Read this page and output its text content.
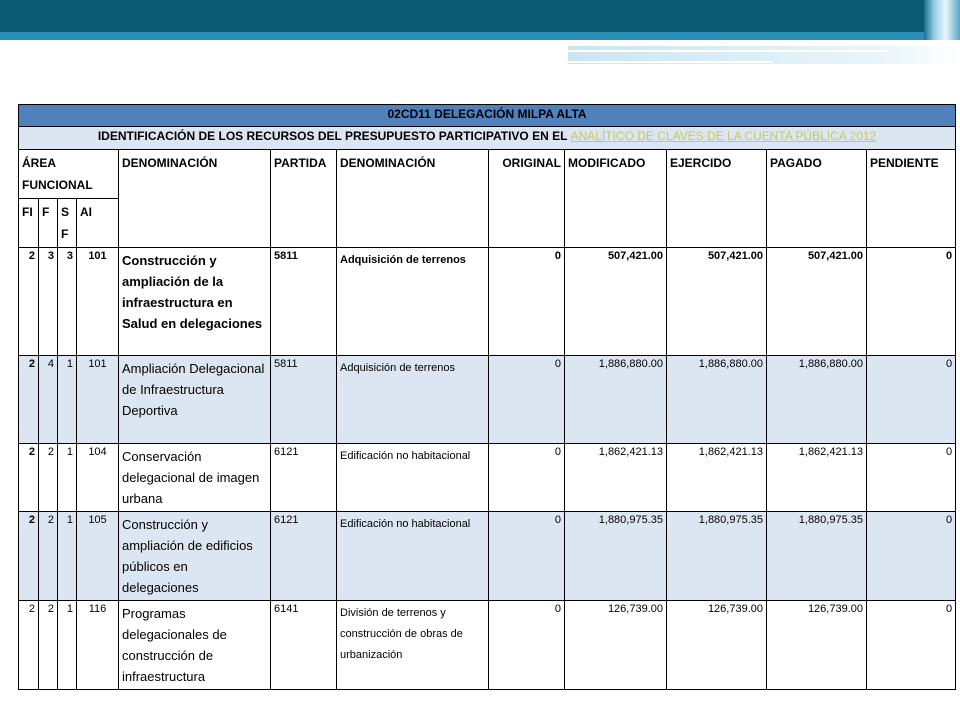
02CD11 DELEGACIÓN MILPA ALTA											
IDENTIFICACIÓN DE LOS RECURSOS DEL PRESUPUESTO PARTICIPATIVO EN EL ANALÍTICO DE CLAVES DE LA CUENTA PÚBLICA 2012											
ÁREA FUNCIONAL				DENOMINACIÓN	PARTIDA	DENOMINACIÓN	ORIGINAL	MODIFICADO	EJERCIDO	PAGADO	PENDIENTE
FI	F	S F	AI								
2	3	3	101	Construcción y ampliación de la infraestructura en Salud en delegaciones	5811	Adquisición de terrenos	0	507,421.00	507,421.00	507,421.00	0
2	4	1	101	Ampliación Delegacional de Infraestructura Deportiva	5811	Adquisición de terrenos	0	1,886,880.00	1,886,880.00	1,886,880.00	0
2	2	1	104	Conservación delegacional de imagen urbana	6121	Edificación no habitacional	0	1,862,421.13	1,862,421.13	1,862,421.13	0
2	2	1	105	Construcción y ampliación de edificios públicos en delegaciones	6121	Edificación no habitacional	0	1,880,975.35	1,880,975.35	1,880,975.35	0
2	2	1	116	Programas delegacionales de construcción de infraestructura	6141	División de terrenos y construcción de obras de urbanización	0	126,739.00	126,739.00	126,739.00	0
